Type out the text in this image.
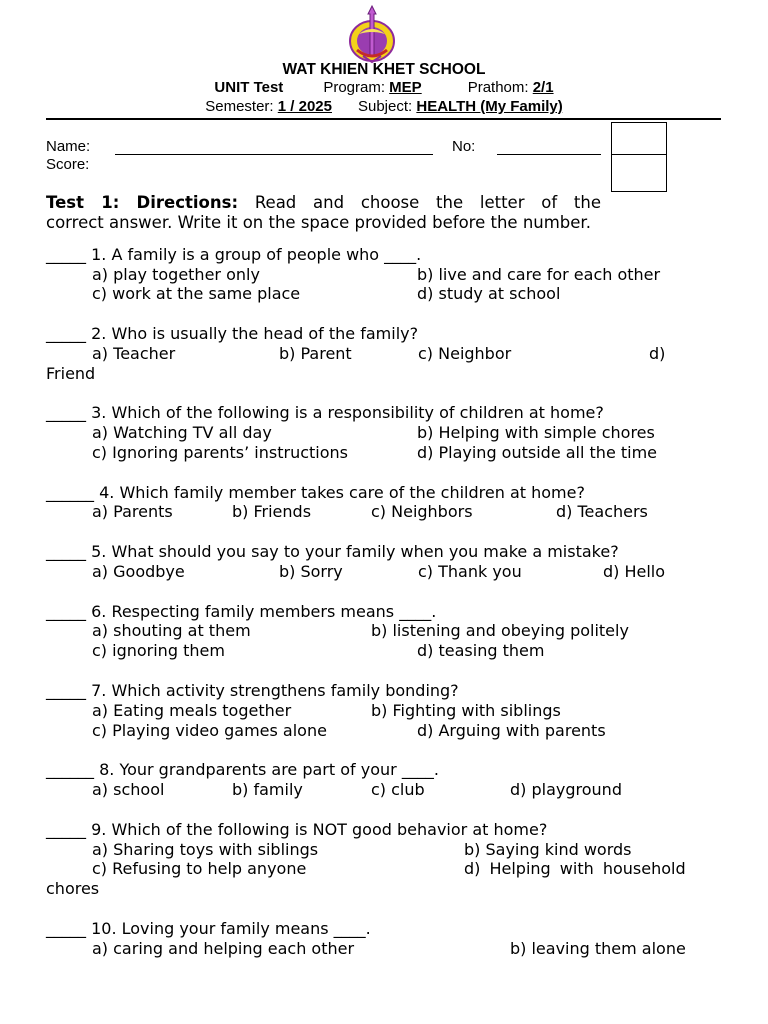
WAT KHIEN KHET SCHOOL
UNIT Test	Program: MEP	Prathom: 2/1
Semester: 1 / 2025 Subject: HEALTH (My Family)
Name:	No:
Score:
Test 1: Directions: Read and choose the letter of the
correct answer. Write it on the space provided before the number.
_____ 1. A family is a group of people who ____.
a) play together only	b) live and care for each other
c) work at the same place	d) study at school
_____ 2. Who is usually the head of the family?
a) Teacher	b) Parent	c) Neighbor	d)
Friend
_____ 3. Which of the following is a responsibility of children at home?
a) Watching TV all day	b) Helping with simple chores
c) Ignoring parents’ instructions	d) Playing outside all the time
______ 4. Which family member takes care of the children at home?
a) Parents	b) Friends	c) Neighbors	d) Teachers
_____ 5. What should you say to your family when you make a mistake?
a) Goodbye	b) Sorry	c) Thank you	d) Hello
_____ 6. Respecting family members means ____.
a) shouting at them	b) listening and obeying politely
c) ignoring them	d) teasing them
_____ 7. Which activity strengthens family bonding?
a) Eating meals together	b) Fighting with siblings
c) Playing video games alone	d) Arguing with parents
______ 8. Your grandparents are part of your ____.
a) school	b) family	c) club	d) playground
_____ 9. Which of the following is NOT good behavior at home?
a) Sharing toys with siblings	b) Saying kind words
c) Refusing to help anyone	d) Helping with household
chores
_____ 10. Loving your family means ____.
a) caring and helping each other	b) leaving them alone
